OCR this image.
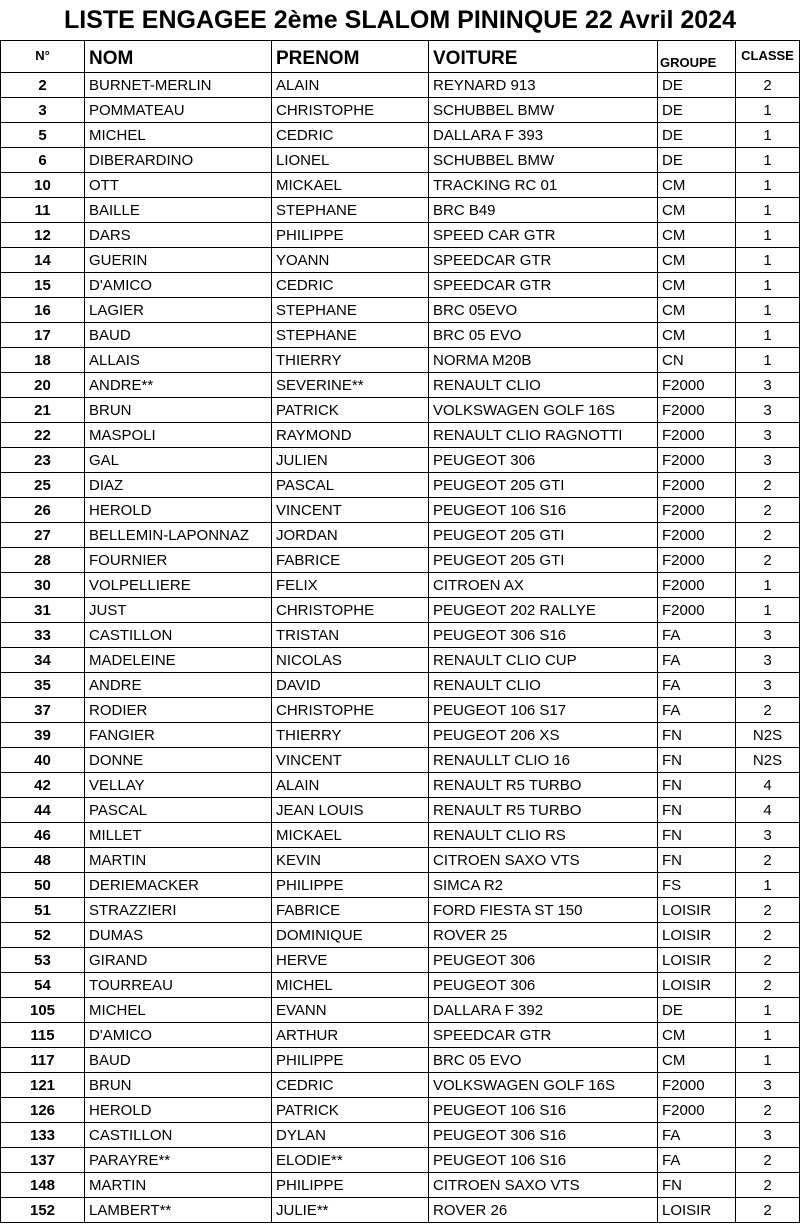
LISTE ENGAGEE 2ème SLALOM PININQUE 22 Avril 2024
N°	NOM	PRENOM	VOITURE	GROUPE	CLASSE
2	BURNET-MERLIN	ALAIN	REYNARD 913	DE	2
3	POMMATEAU	CHRISTOPHE	SCHUBBEL BMW	DE	1
5	MICHEL	CEDRIC	DALLARA F 393	DE	1
6	DIBERARDINO	LIONEL	SCHUBBEL BMW	DE	1
10	OTT	MICKAEL	TRACKING RC 01	CM	1
11	BAILLE	STEPHANE	BRC B49	CM	1
12	DARS	PHILIPPE	SPEED CAR GTR	CM	1
14	GUERIN	YOANN	SPEEDCAR GTR	CM	1
15	D'AMICO	CEDRIC	SPEEDCAR GTR	CM	1
16	LAGIER	STEPHANE	BRC 05EVO	CM	1
17	BAUD	STEPHANE	BRC 05 EVO	CM	1
18	ALLAIS	THIERRY	NORMA M20B	CN	1
20	ANDRE**	SEVERINE**	RENAULT CLIO	F2000	3
21	BRUN	PATRICK	VOLKSWAGEN GOLF 16S	F2000	3
22	MASPOLI	RAYMOND	RENAULT CLIO RAGNOTTI	F2000	3
23	GAL	JULIEN	PEUGEOT 306	F2000	3
25	DIAZ	PASCAL	PEUGEOT 205 GTI	F2000	2
26	HEROLD	VINCENT	PEUGEOT 106 S16	F2000	2
27	BELLEMIN-LAPONNAZ	JORDAN	PEUGEOT 205 GTI	F2000	2
28	FOURNIER	FABRICE	PEUGEOT 205 GTI	F2000	2
30	VOLPELLIERE	FELIX	CITROEN AX	F2000	1
31	JUST	CHRISTOPHE	PEUGEOT 202 RALLYE	F2000	1
33	CASTILLON	TRISTAN	PEUGEOT 306 S16	FA	3
34	MADELEINE	NICOLAS	RENAULT CLIO CUP	FA	3
35	ANDRE	DAVID	RENAULT CLIO	FA	3
37	RODIER	CHRISTOPHE	PEUGEOT 106 S17	FA	2
39	FANGIER	THIERRY	PEUGEOT 206 XS	FN	N2S
40	DONNE	VINCENT	RENAULLT CLIO 16	FN	N2S
42	VELLAY	ALAIN	RENAULT R5 TURBO	FN	4
44	PASCAL	JEAN LOUIS	RENAULT R5 TURBO	FN	4
46	MILLET	MICKAEL	RENAULT CLIO RS	FN	3
48	MARTIN	KEVIN	CITROEN SAXO VTS	FN	2
50	DERIEMACKER	PHILIPPE	SIMCA R2	FS	1
51	STRAZZIERI	FABRICE	FORD FIESTA ST 150	LOISIR	2
52	DUMAS	DOMINIQUE	ROVER 25	LOISIR	2
53	GIRAND	HERVE	PEUGEOT 306	LOISIR	2
54	TOURREAU	MICHEL	PEUGEOT 306	LOISIR	2
105	MICHEL	EVANN	DALLARA F 392	DE	1
115	D'AMICO	ARTHUR	SPEEDCAR GTR	CM	1
117	BAUD	PHILIPPE	BRC 05 EVO	CM	1
121	BRUN	CEDRIC	VOLKSWAGEN GOLF 16S	F2000	3
126	HEROLD	PATRICK	PEUGEOT 106 S16	F2000	2
133	CASTILLON	DYLAN	PEUGEOT 306 S16	FA	3
137	PARAYRE**	ELODIE**	PEUGEOT 106 S16	FA	2
148	MARTIN	PHILIPPE	CITROEN SAXO VTS	FN	2
152	LAMBERT**	JULIE**	ROVER 26	LOISIR	2
